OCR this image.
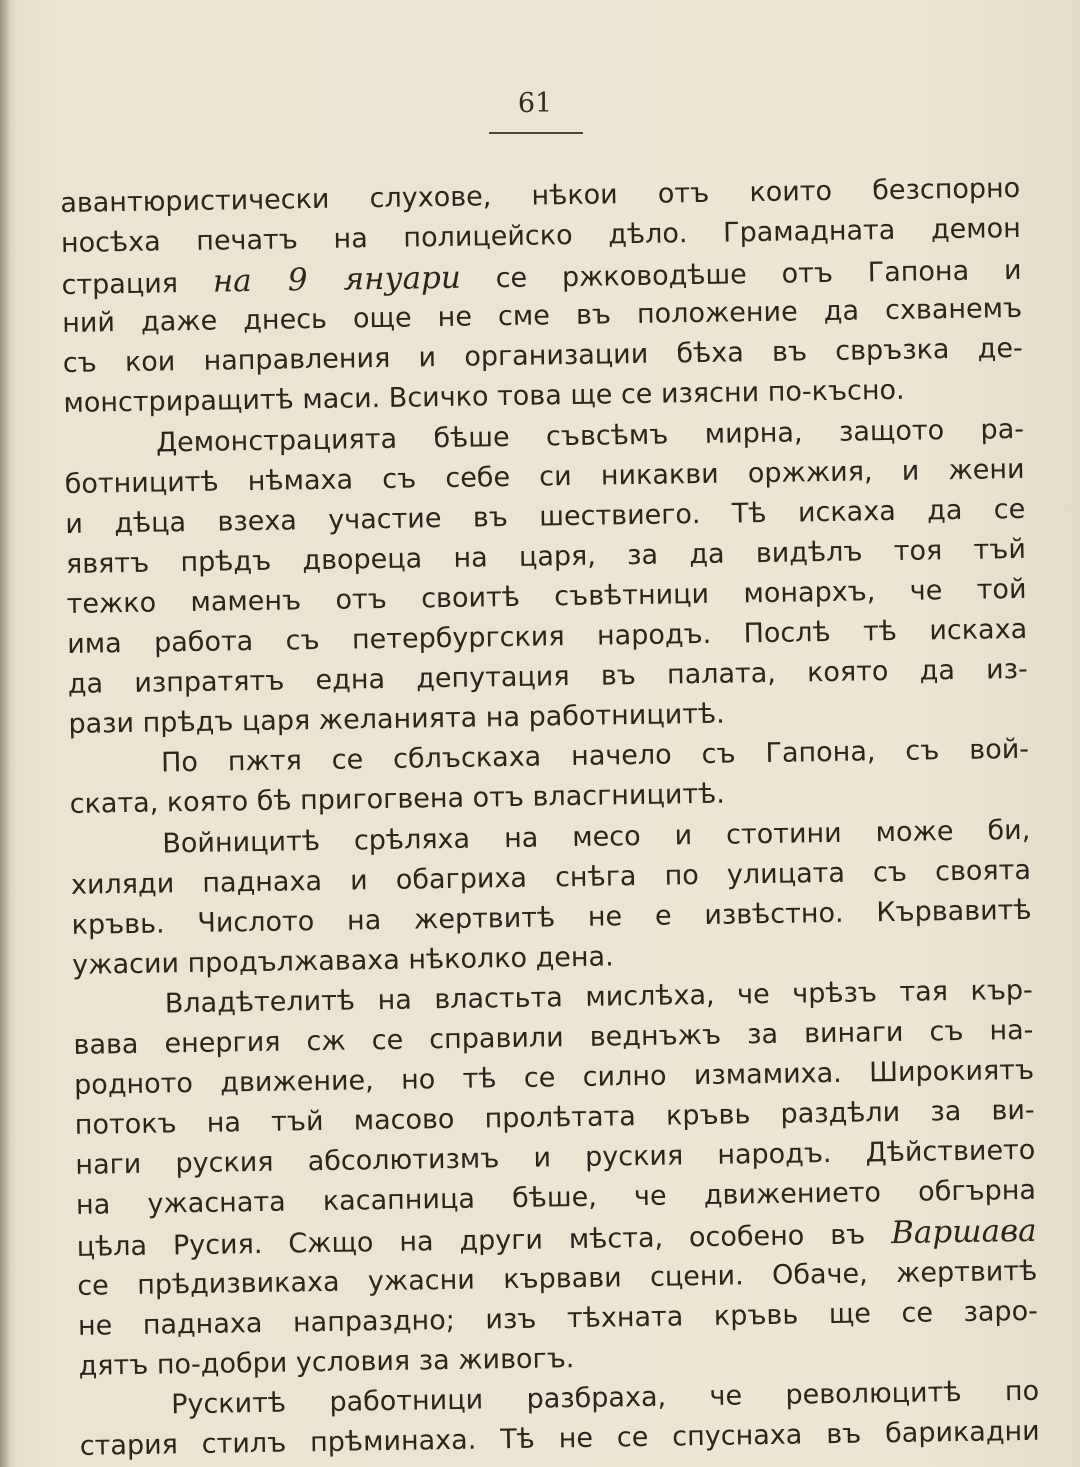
61
авантюристически слухове, нѣкои отъ които безспорно
носѣха печатъ на полицейско дѣло. Грамадната демон
страция на 9 януари се ржководѣше отъ Гапона и
ний даже днесь още не сме въ положение да схванемъ
съ кои направления и организации бѣха въ свръзка де-
монстриращитѣ маси. Всичко това ще се изясни по-късно.
Демонстрацията бѣше съвсѣмъ мирна, защото ра-
ботницитѣ нѣмаха съ себе си никакви оржжия, и жени
и дѣца взеха участие въ шествиего. Тѣ искаха да се
явятъ прѣдъ двореца на царя, за да видѣлъ тоя тъй
тежко маменъ отъ своитѣ съвѣтници монархъ, че той
има работа съ петербургския народъ. Послѣ тѣ искаха
да изпратятъ една депутация въ палата, която да из-
рази прѣдъ царя желанията на работницитѣ.
По пжтя се сблъскаха начело съ Гапона, съ вой-
ската, която бѣ пригогвена отъ власгницитѣ.
Войницитѣ срѣляха на месо и стотини може би,
хиляди паднаха и обагриха снѣга по улицата съ своята
кръвь. Числото на жертвитѣ не е извѣстно. Кървавитѣ
ужасии продължаваха нѣколко дена.
Владѣтелитѣ на властьта мислѣха, че чрѣзъ тая кър-
вава енергия сж се справили веднъжъ за винаги съ на-
родното движение, но тѣ се силно измамиха. Широкиятъ
потокъ на тъй масово пролѣтата кръвь раздѣли за ви-
наги руския абсолютизмъ и руския народъ. Дѣйствието
на ужасната касапница бѣше, че движението обгърна
цѣла Русия. Сжщо на други мѣста, особено въ Варшава
се прѣдизвикаха ужасни кървави сцени. Обаче, жертвитѣ
не паднаха напраздно; изъ тѣхната кръвь ще се заро-
дятъ по-добри условия за живогъ.
Рускитѣ работници разбраха, че революцитѣ по
стария стилъ прѣминаха. Тѣ не се спуснаха въ барикадни
